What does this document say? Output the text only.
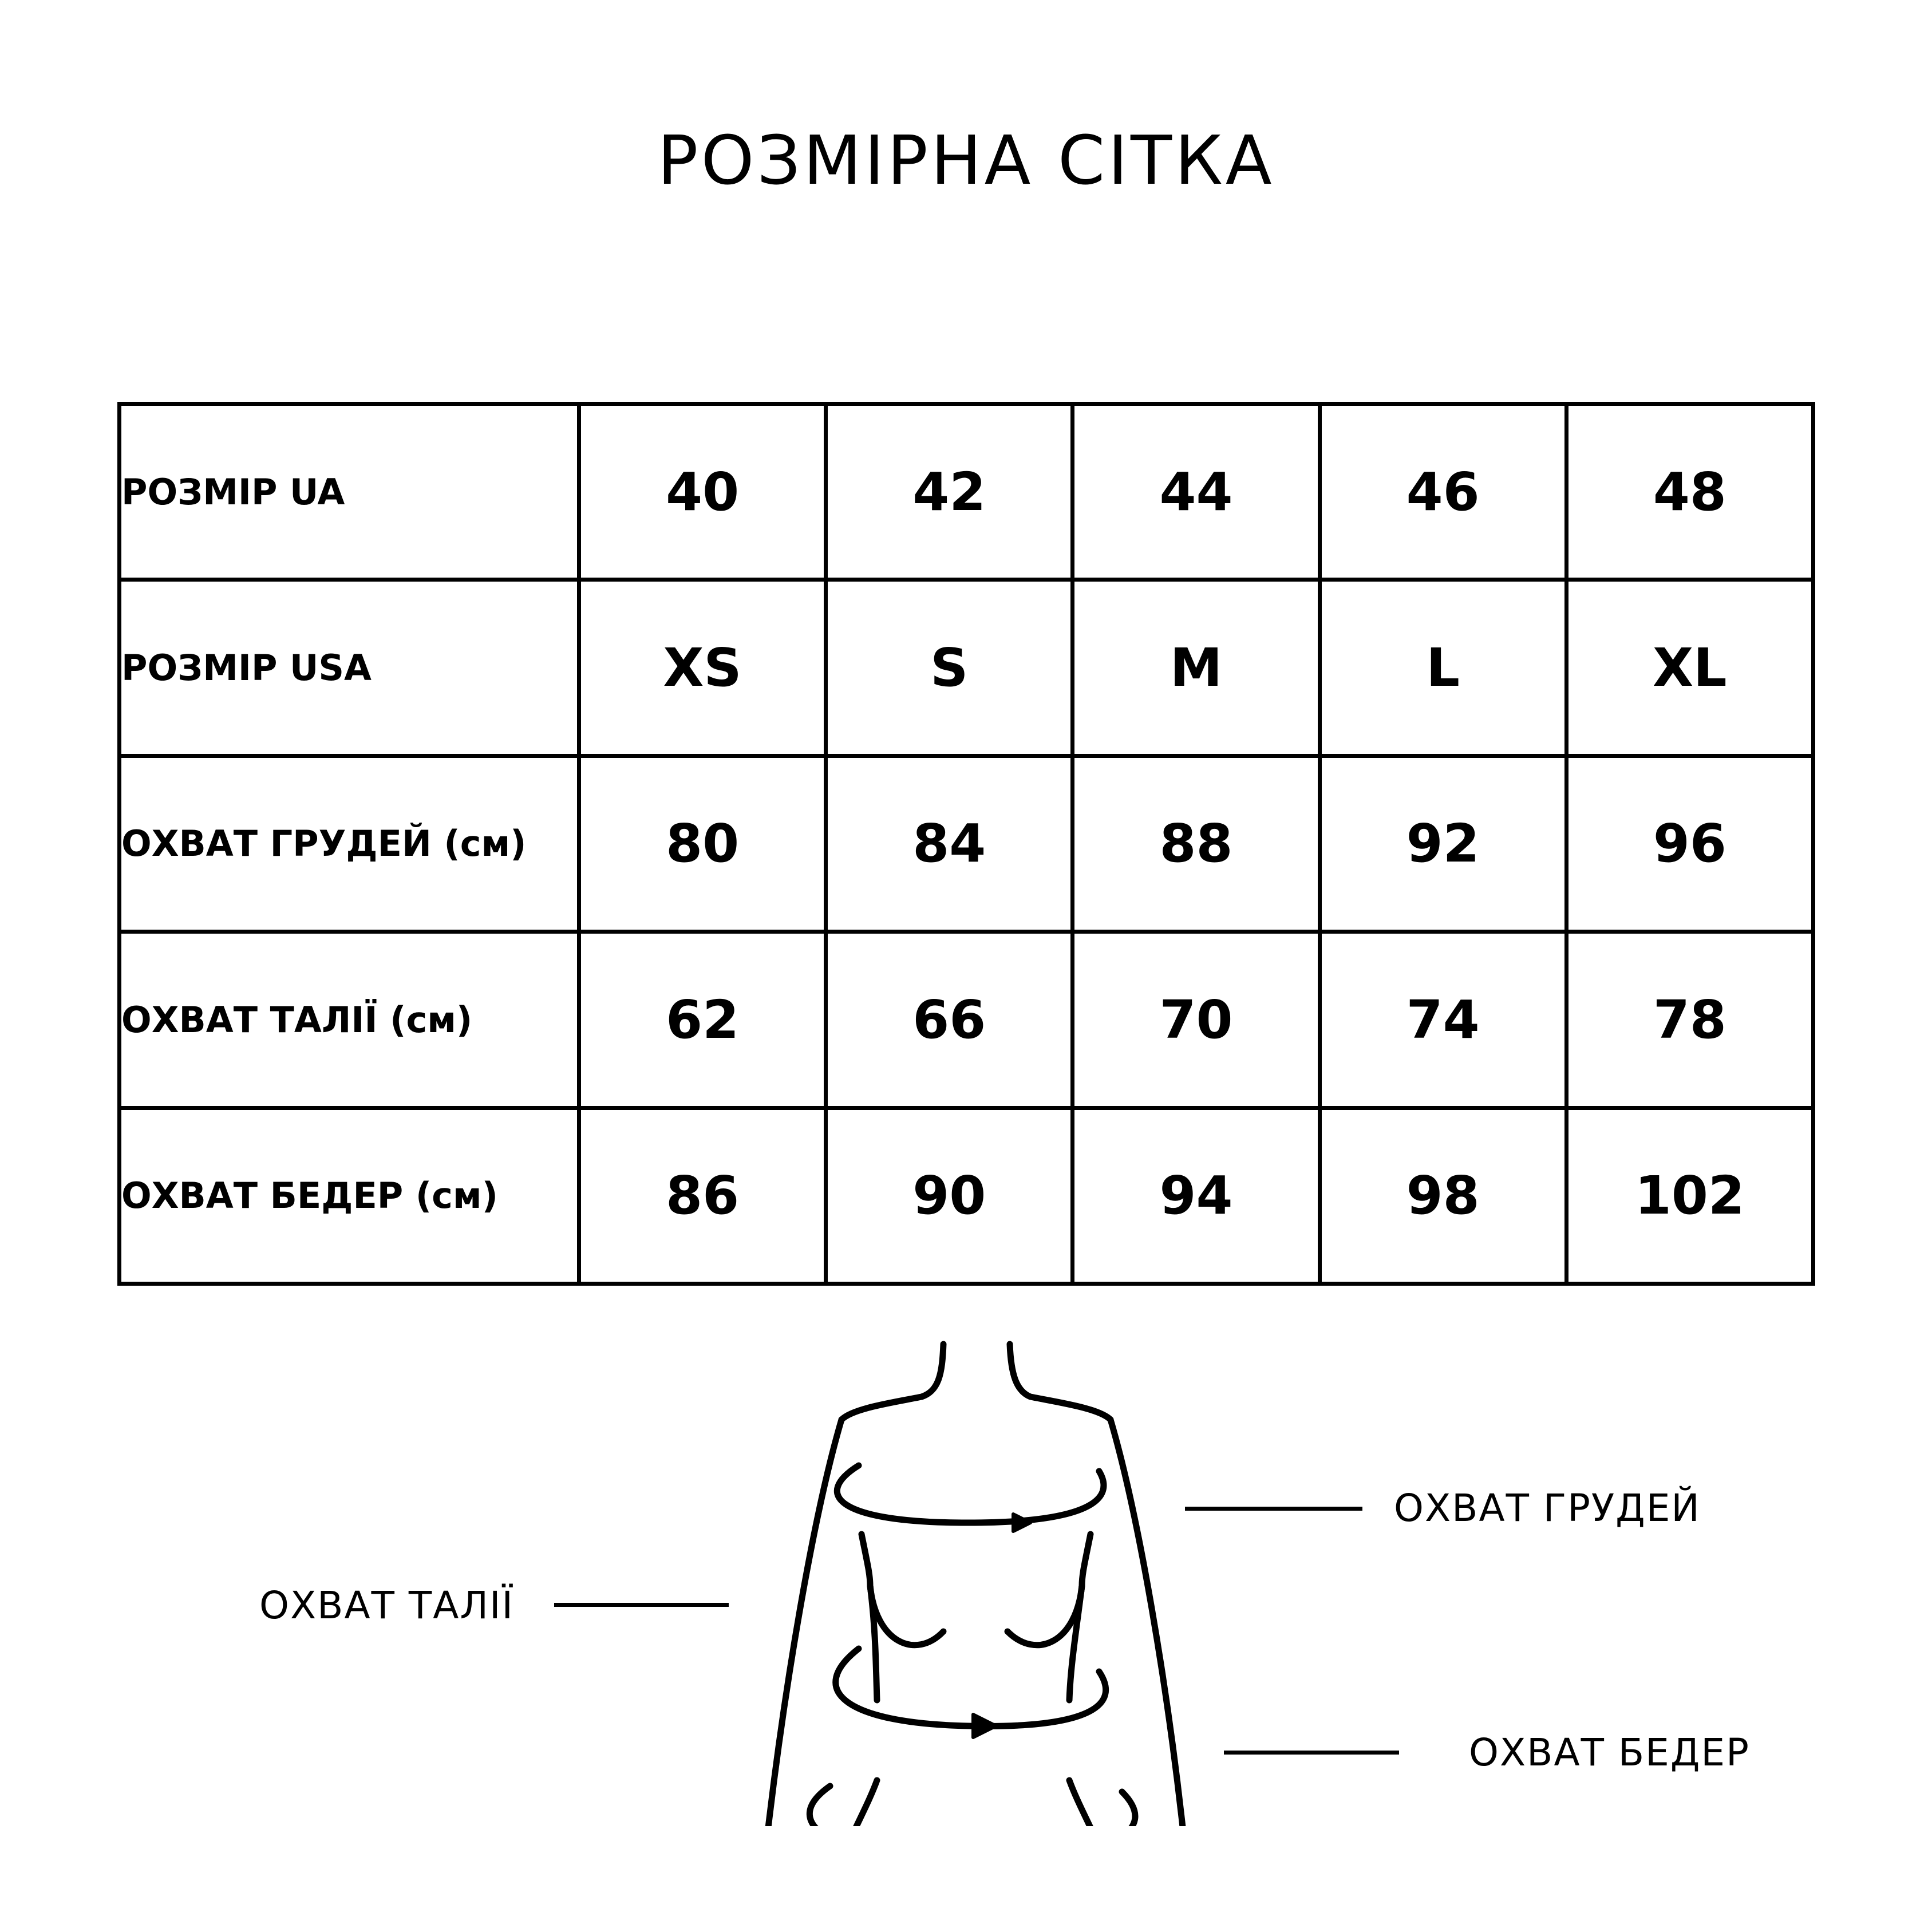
РОЗМІРНА СІТКА
РОЗМІР UA	40	42	44	46	48
РОЗМІР USA	XS	S	M	L	XL
ОХВАТ ГРУДЕЙ (см)	80	84	88	92	96
ОХВАТ ТАЛІЇ (см)	62	66	70	74	78
ОХВАТ БЕДЕР (см)	86	90	94	98	102
ОХВАТ ГРУДЕЙ
ОХВАТ ТАЛІЇ
ОХВАТ БЕДЕР
